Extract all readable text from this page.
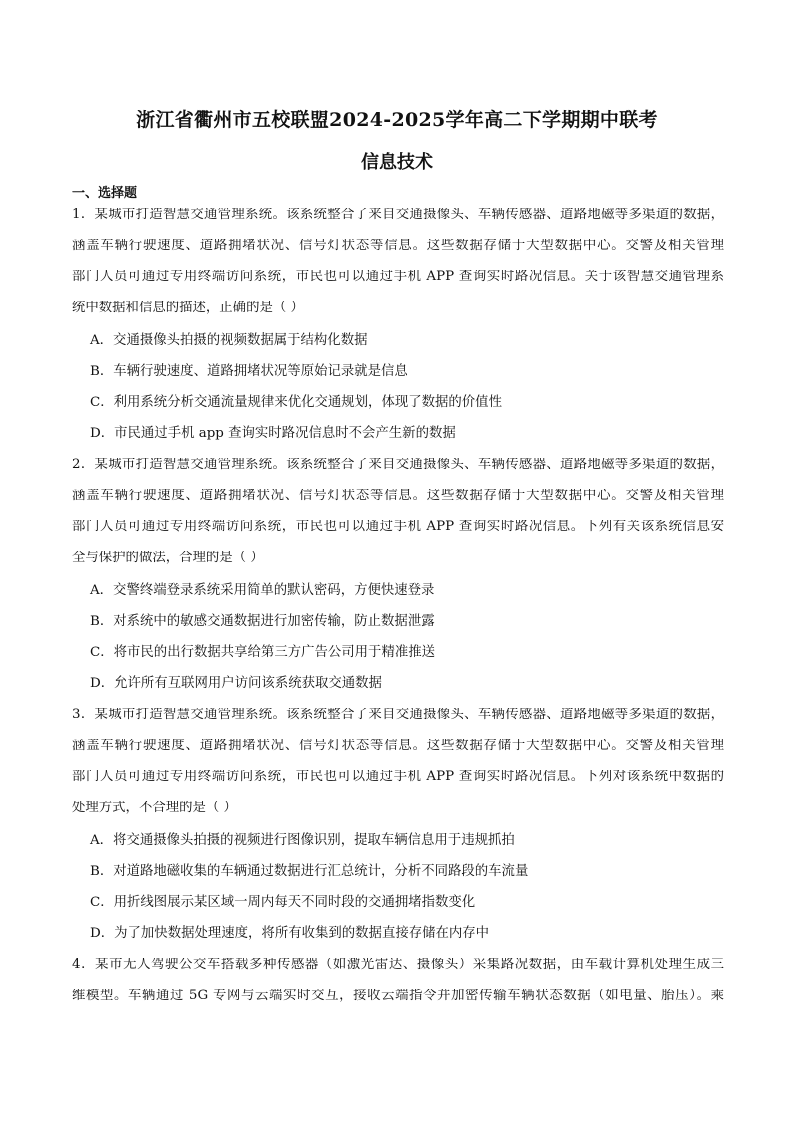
浙江省衢州市五校联盟2024-2025学年高二下学期期中联考
信息技术
一、选择题
1．某城市打造智慧交通管理系统。该系统整合了来自交通摄像头、车辆传感器、道路地磁等多渠道的数据，
涵盖车辆行驶速度、道路拥堵状况、信号灯状态等信息。这些数据存储于大型数据中心。交警及相关管理
部门人员可通过专用终端访问系统，市民也可以通过手机 APP 查询实时路况信息。关于该智慧交通管理系
统中数据和信息的描述，正确的是（ ）
A．交通摄像头拍摄的视频数据属于结构化数据
B．车辆行驶速度、道路拥堵状况等原始记录就是信息
C．利用系统分析交通流量规律来优化交通规划，体现了数据的价值性
D．市民通过手机 app 查询实时路况信息时不会产生新的数据
2．某城市打造智慧交通管理系统。该系统整合了来自交通摄像头、车辆传感器、道路地磁等多渠道的数据，
涵盖车辆行驶速度、道路拥堵状况、信号灯状态等信息。这些数据存储于大型数据中心。交警及相关管理
部门人员可通过专用终端访问系统，市民也可以通过手机 APP 查询实时路况信息。下列有关该系统信息安
全与保护的做法，合理的是（ ）
A．交警终端登录系统采用简单的默认密码，方便快速登录
B．对系统中的敏感交通数据进行加密传输，防止数据泄露
C．将市民的出行数据共享给第三方广告公司用于精准推送
D．允许所有互联网用户访问该系统获取交通数据
3．某城市打造智慧交通管理系统。该系统整合了来自交通摄像头、车辆传感器、道路地磁等多渠道的数据，
涵盖车辆行驶速度、道路拥堵状况、信号灯状态等信息。这些数据存储于大型数据中心。交警及相关管理
部门人员可通过专用终端访问系统，市民也可以通过手机 APP 查询实时路况信息。下列对该系统中数据的
处理方式，不合理的是（ ）
A．将交通摄像头拍摄的视频进行图像识别，提取车辆信息用于违规抓拍
B．对道路地磁收集的车辆通过数据进行汇总统计，分析不同路段的车流量
C．用折线图展示某区域一周内每天不同时段的交通拥堵指数变化
D．为了加快数据处理速度，将所有收集到的数据直接存储在内存中
4．某市无人驾驶公交车搭载多种传感器（如激光雷达、摄像头）采集路况数据，由车载计算机处理生成三
维模型。车辆通过 5G 专网与云端实时交互，接收云端指令并加密传输车辆状态数据（如电量、胎压）。乘
